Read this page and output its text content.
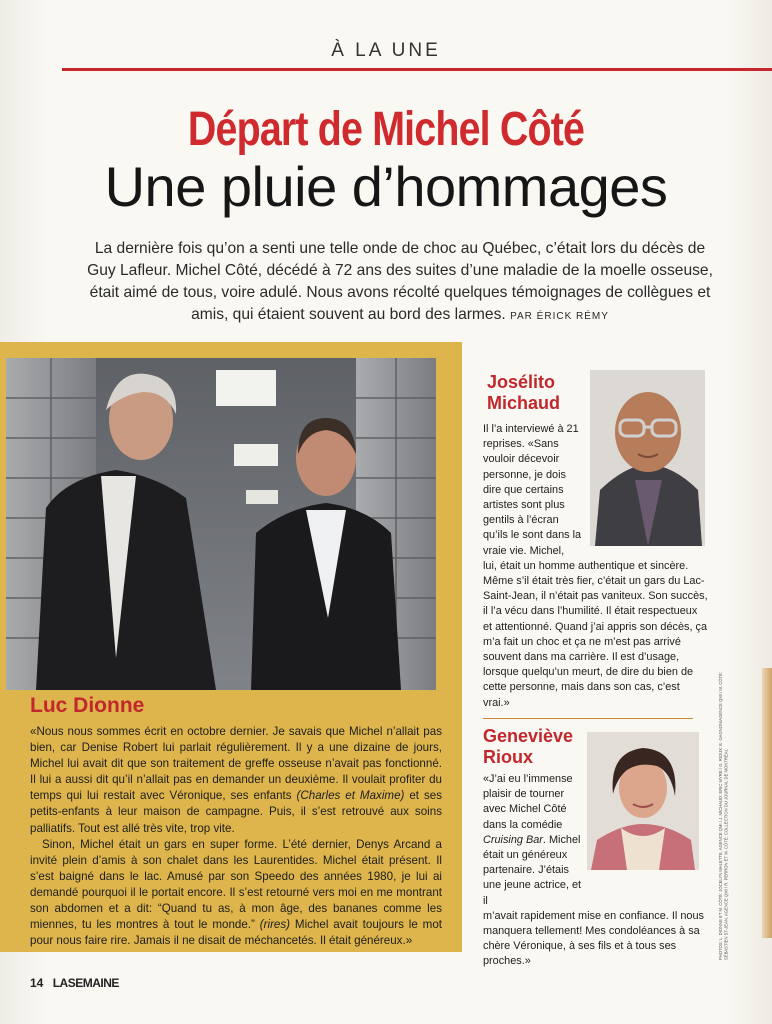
À LA UNE
Départ de Michel Côté
Une pluie d’hommages
La dernière fois qu’on a senti une telle onde de choc au Québec, c’était lors du décès de Guy Lafleur. Michel Côté, décédé à 72 ans des suites d’une maladie de la moelle osseuse, était aimé de tous, voire adulé. Nous avons récolté quelques témoignages de collègues et amis, qui étaient souvent au bord des larmes. PAR ÉRICK RÉMY
Luc Dionne

«Nous nous sommes écrit en octobre dernier. Je savais que Michel n’allait pas bien, car Denise Robert lui parlait régulièrement. Il y a une dizaine de jours, Michel lui avait dit que son traitement de greffe osseuse n’avait pas fonctionné. Il lui a aussi dit qu’il n’allait pas en demander un deuxième. Il voulait profiter du temps qui lui restait avec Véronique, ses enfants (Charles et Maxime) et ses petits-enfants à leur maison de campagne. Puis, il s’est retrouvé aux soins palliatifs. Tout est allé très vite, trop vite.

Sinon, Michel était un gars en super forme. L’été dernier, Denys Arcand a invité plein d’amis à son chalet dans les Laurentides. Michel était présent. Il s’est baigné dans le lac. Amusé par son Speedo des années 1980, je lui ai demandé pourquoi il le portait encore. Il s’est retourné vers moi en me montrant son abdomen et a dit: “Quand tu as, à mon âge, des bananes comme les miennes, tu les montres à tout le monde.” (rires) Michel avait toujours le mot pour nous faire rire. Jamais il ne disait de méchancetés. Il était généreux.»

Josélito
Michaud
Il l’a interviewé à 21 reprises. «Sans vouloir décevoir personne, je dois dire que certains artistes sont plus gentils à l’écran qu’ils le sont dans la vraie vie. Michel,
lui, était un homme authentique et sincère. Même s’il était très fier, c’était un gars du Lac-Saint-Jean, il n’était pas vaniteux. Son succès, il l’a vécu dans l’humilité. Il était respectueux et attentionné. Quand j’ai appris son décès, ça m’a fait un choc et ça ne m’est pas arrivé souvent dans ma carrière. Il est d’usage, lorsque quelqu’un meurt, de dire du bien de cette personne, mais dans son cas, c’est vrai.»
Geneviève
Rioux
«J’ai eu l’immense plaisir de tourner avec Michel Côté dans la comédie Cruising Bar. Michel était un généreux partenaire. J’étais une jeune actrice, et il
m’avait rapidement mise en confiance. Il nous manquera tellement! Mes condoléances à sa chère Véronique, à ses fils et à tous ses proches.»
PHOTOS: L. DIONNE ET M. CÔTÉ: JOCELYN MALETTE, AGENCE QMI / J. MICHAUD: ERIC MYRE / G. RIOUX: E. GAGNON/AGENCE QMI / M. CÔTÉ: SÉBASTIEN ST-JEAN, AGENCE QMI / R. PERRON ET M. CÔTÉ: COLLECTION DU JOURNAL DE MONTRÉAL
14 LASEMAINE
